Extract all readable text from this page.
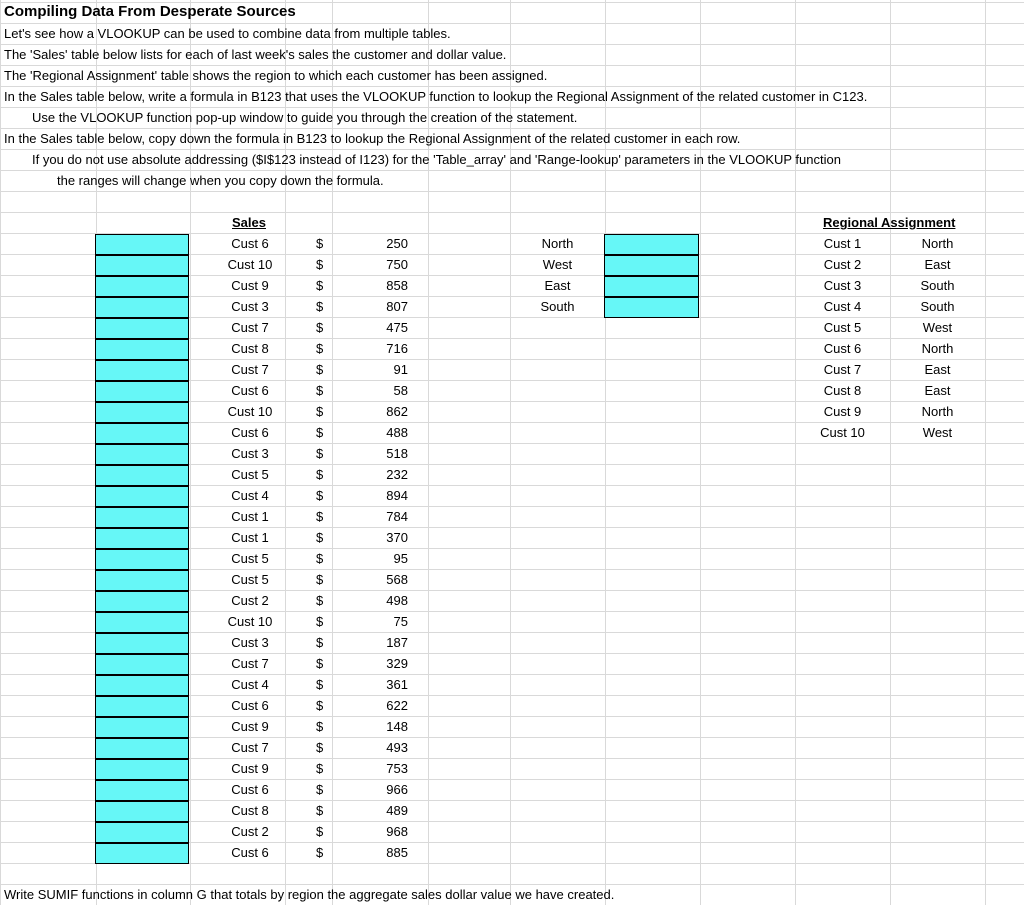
Compiling Data From Desperate Sources
Let's see how a VLOOKUP can be used to combine data from multiple tables.
The 'Sales' table below lists for each of last week's sales the customer and dollar value.
The 'Regional Assignment' table shows the region to which each customer has been assigned.
In the Sales table below, write a formula in B123 that uses the VLOOKUP function to lookup the Regional Assignment of the related customer in C123.
Use the VLOOKUP function pop-up window to guide you through the creation of the statement.
In the Sales table below, copy down the formula in B123 to lookup the Regional Assignment of the related customer in each row.
If you do not use absolute addressing ($I$123 instead of I123) for the 'Table_array' and 'Range-lookup' parameters in the VLOOKUP function
the ranges will change when you copy down the formula.
Sales
Cust 6	$	250
Cust 10	$	750
Cust 9	$	858
Cust 3	$	807
Cust 7	$	475
Cust 8	$	716
Cust 7	$	91
Cust 6	$	58
Cust 10	$	862
Cust 6	$	488
Cust 3	$	518
Cust 5	$	232
Cust 4	$	894
Cust 1	$	784
Cust 1	$	370
Cust 5	$	95
Cust 5	$	568
Cust 2	$	498
Cust 10	$	75
Cust 3	$	187
Cust 7	$	329
Cust 4	$	361
Cust 6	$	622
Cust 9	$	148
Cust 7	$	493
Cust 9	$	753
Cust 6	$	966
Cust 8	$	489
Cust 2	$	968
Cust 6	$	885
North
West
East
South
Regional Assignment
Cust 1	North
Cust 2	East
Cust 3	South
Cust 4	South
Cust 5	West
Cust 6	North
Cust 7	East
Cust 8	East
Cust 9	North
Cust 10	West
Write SUMIF functions in column G that totals by region the aggregate sales dollar value we have created.
